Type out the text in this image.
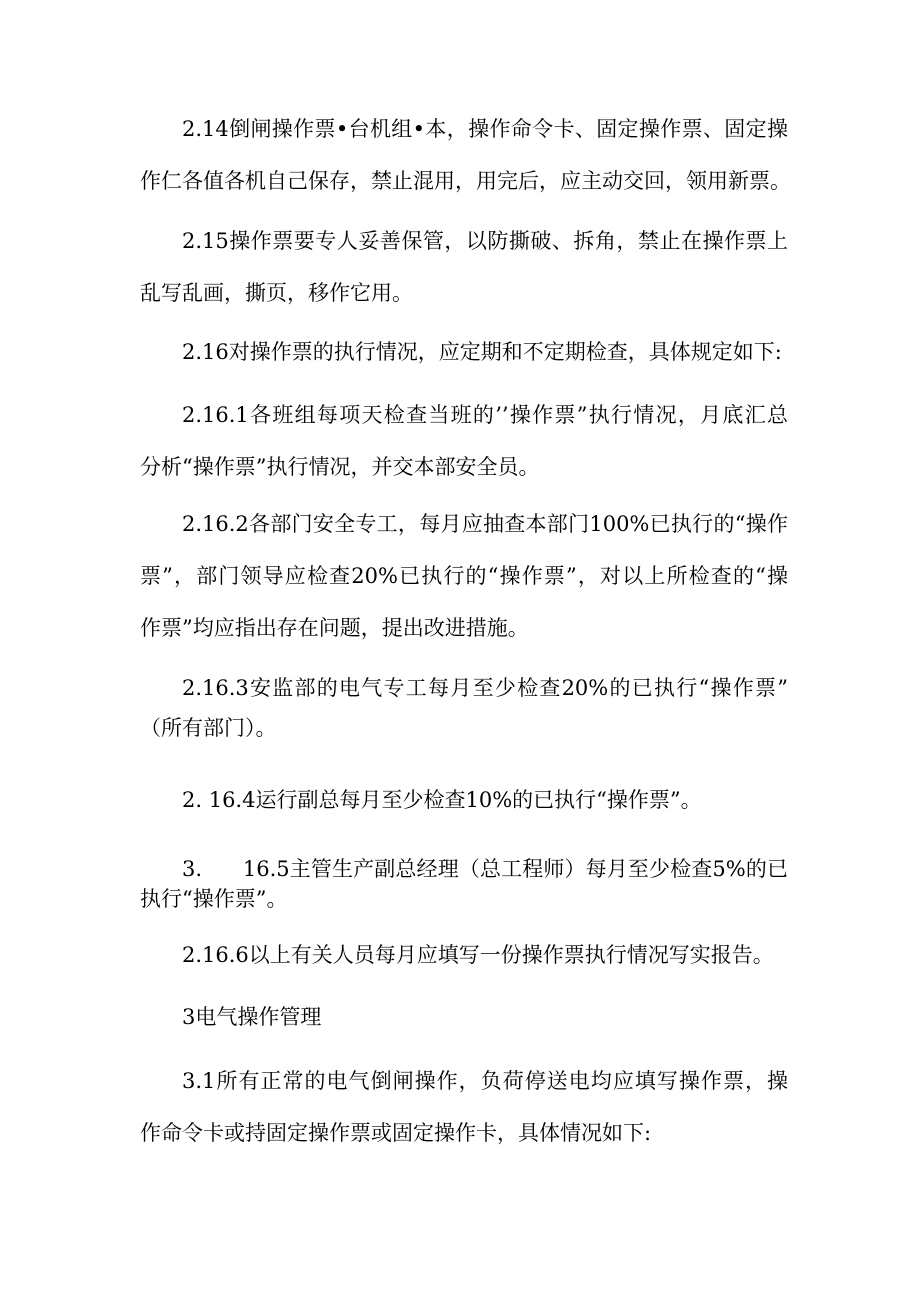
2.14倒闸操作票•台机组•本，操作命令卡、固定操作票、固定操
作仁各值各机自己保存，禁止混用，用完后，应主动交回，领用新票。

2.15操作票要专人妥善保管，以防撕破、拆角，禁止在操作票上
乱写乱画，撕页，移作它用。

2.16对操作票的执行情况，应定期和不定期检查，具体规定如下:

2.16.1各班组每项天检查当班的’’操作票”执行情况，月底汇总
分析“操作票”执行情况，并交本部安全员。

2.16.2各部门安全专工，每月应抽查本部门100%已执行的“操作
票”，部门领导应检查20%已执行的“操作票”，对以上所检查的“操
作票”均应指出存在问题，提出改进措施。

2.16.3安监部的电气专工每月至少检查20%的已执行“操作票”
（所有部门）。

2. 16.4运行副总每月至少检查10%的已执行“操作票”。

3.      16.5主管生产副总经理（总工程师）每月至少检查5%的已
执行“操作票”。

2.16.6以上有关人员每月应填写一份操作票执行情况写实报告。

3电气操作管理

3.1所有正常的电气倒闸操作，负荷停送电均应填写操作票，操
作命令卡或持固定操作票或固定操作卡，具体情况如下:
